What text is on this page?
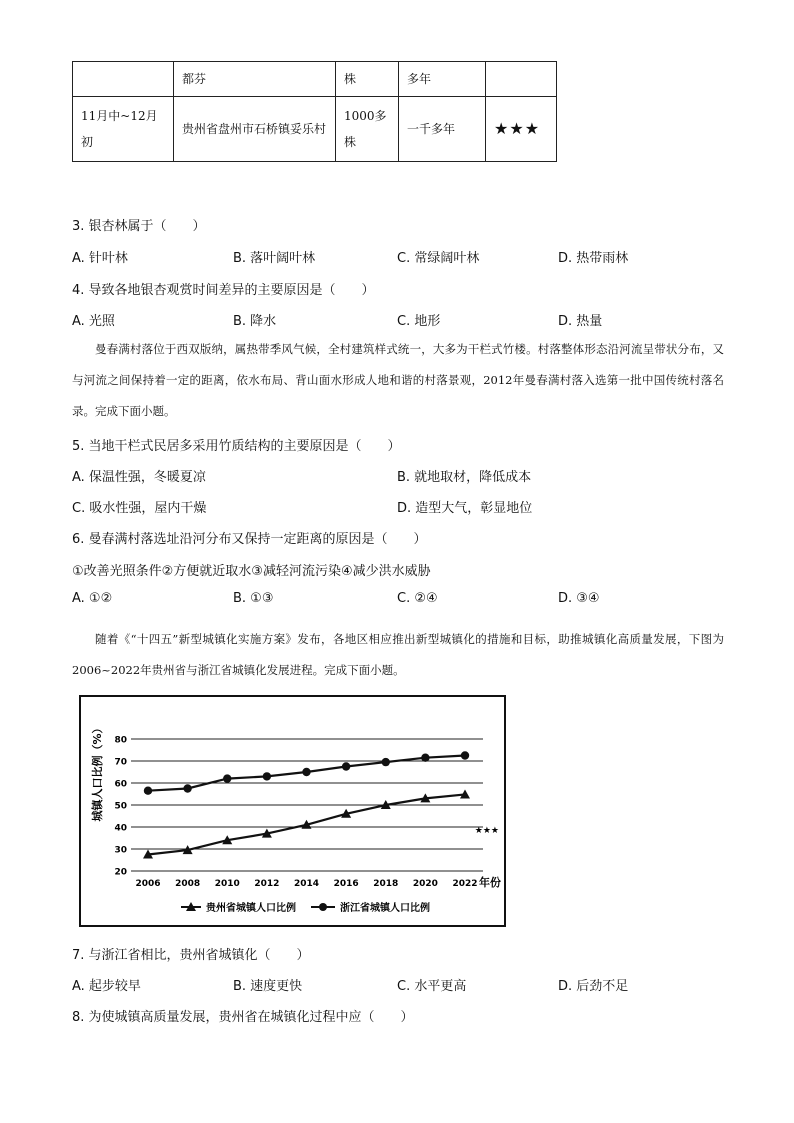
	都芬	株	多年	
11月中~12月初	贵州省盘州市石桥镇妥乐村	1000多株	一千多年	★★★
3. 银杏林属于（　　）
A. 针叶林	B. 落叶阔叶林	C. 常绿阔叶林	D. 热带雨林
4. 导致各地银杏观赏时间差异的主要原因是（　　）
A. 光照	B. 降水	C. 地形	D. 热量
曼春满村落位于西双版纳，属热带季风气候，全村建筑样式统一，大多为干栏式竹楼。村落整体形态沿河流呈带状分布，又与河流之间保持着一定的距离，依水布局、背山面水形成人地和谐的村落景观，2012年曼春满村落入选第一批中国传统村落名录。完成下面小题。
5. 当地干栏式民居多采用竹质结构的主要原因是（　　）
A. 保温性强，冬暖夏凉	B. 就地取材，降低成本
C. 吸水性强，屋内干燥	D. 造型大气，彰显地位
6. 曼春满村落选址沿河分布又保持一定距离的原因是（　　）
①改善光照条件②方便就近取水③减轻河流污染④减少洪水威胁
A. ①②	B. ①③	C. ②④	D. ③④
随着《“十四五”新型城镇化实施方案》发布，各地区相应推出新型城镇化的措施和目标，助推城镇化高质量发展，下图为2006~2022年贵州省与浙江省城镇化发展进程。完成下面小题。
20
30
40
50
60
70
80
2006 2008 2010 2012 2014 2016 2018 2020 2022
城镇人口比例（%）
年份
★★★
贵州省城镇人口比例	浙江省城镇人口比例
7. 与浙江省相比，贵州省城镇化（　　）
A. 起步较早	B. 速度更快	C. 水平更高	D. 后劲不足
8. 为使城镇高质量发展，贵州省在城镇化过程中应（　　）
